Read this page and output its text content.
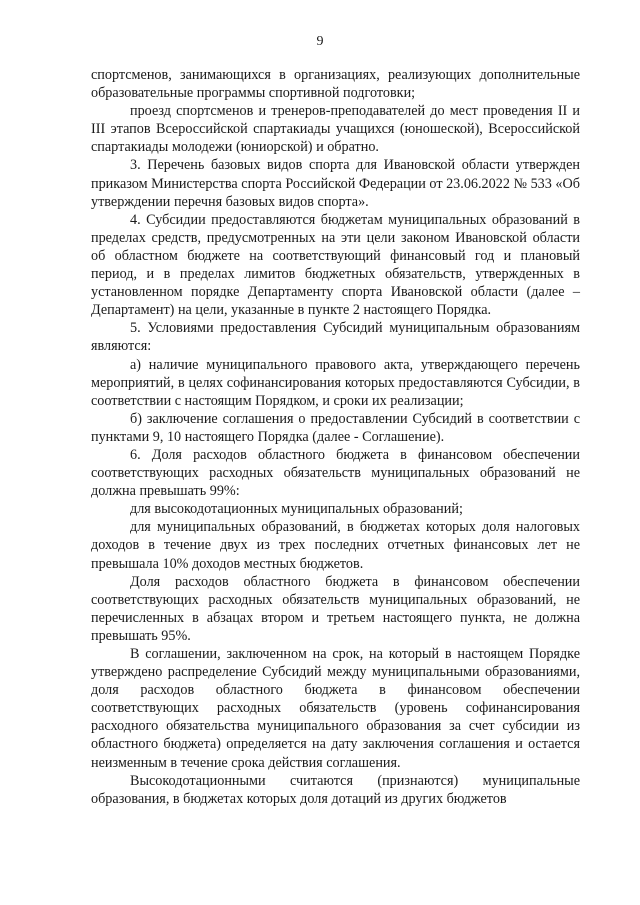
9

спортсменов, занимающихся в организациях, реализующих дополнительные образовательные программы спортивной подготовки;

проезд спортсменов и тренеров-преподавателей до мест проведения II и III этапов Всероссийской спартакиады учащихся (юношеской), Всероссийской спартакиады молодежи (юниорской) и обратно.

3. Перечень базовых видов спорта для Ивановской области утвержден приказом Министерства спорта Российской Федерации от 23.06.2022 № 533 «Об утверждении перечня базовых видов спорта».

4. Субсидии предоставляются бюджетам муниципальных образований в пределах средств, предусмотренных на эти цели законом Ивановской области об областном бюджете на соответствующий финансовый год и плановый период, и в пределах лимитов бюджетных обязательств, утвержденных в установленном порядке Департаменту спорта Ивановской области (далее – Департамент) на цели, указанные в пункте 2 настоящего Порядка.

5. Условиями предоставления Субсидий муниципальным образованиям являются:

а) наличие муниципального правового акта, утверждающего перечень мероприятий, в целях софинансирования которых предоставляются Субсидии, в соответствии с настоящим Порядком, и сроки их реализации;

б) заключение соглашения о предоставлении Субсидий в соответствии с пунктами 9, 10 настоящего Порядка (далее - Соглашение).

6. Доля расходов областного бюджета в финансовом обеспечении соответствующих расходных обязательств муниципальных образований не должна превышать 99%:

для высокодотационных муниципальных образований;

для муниципальных образований, в бюджетах которых доля налоговых доходов в течение двух из трех последних отчетных финансовых лет не превышала 10% доходов местных бюджетов.

Доля расходов областного бюджета в финансовом обеспечении соответствующих расходных обязательств муниципальных образований, не перечисленных в абзацах втором и третьем настоящего пункта, не должна превышать 95%.

В соглашении, заключенном на срок, на который в настоящем Порядке утверждено распределение Субсидий между муниципальными образованиями, доля расходов областного бюджета в финансовом обеспечении соответствующих расходных обязательств (уровень софинансирования расходного обязательства муниципального образования за счет субсидии из областного бюджета) определяется на дату заключения соглашения и остается неизменным в течение срока действия соглашения.

Высокодотационными считаются (признаются) муниципальные образования, в бюджетах которых доля дотаций из других бюджетов
